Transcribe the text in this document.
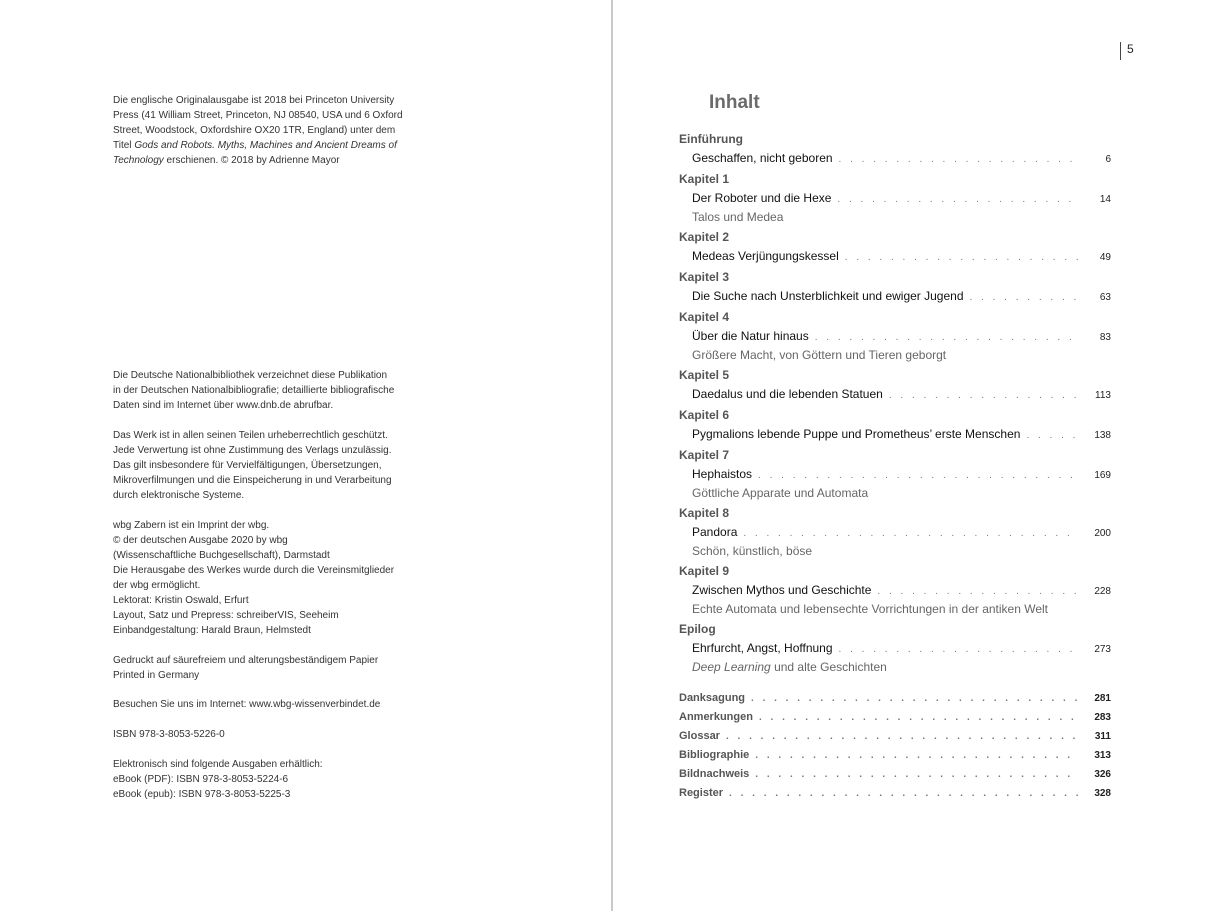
Die englische Originalausgabe ist 2018 bei Princeton University

Press (41 William Street, Princeton, NJ 08540, USA und 6 Oxford

Street, Woodstock, Oxfordshire OX20 1TR, England) unter dem

Titel Gods and Robots. Myths, Machines and Ancient Dreams of

Technology erschienen. © 2018 by Adrienne Mayor

Die Deutsche Nationalbibliothek verzeichnet diese Publikation

in der Deutschen Nationalbibliografie; detaillierte bibliografische

Daten sind im Internet über www.dnb.de abrufbar.

Das Werk ist in allen seinen Teilen urheberrechtlich geschützt.

Jede Verwertung ist ohne Zustimmung des Verlags unzulässig.

Das gilt insbesondere für Vervielfältigungen, Übersetzungen,

Mikroverfilmungen und die Einspeicherung in und Verarbeitung

durch elektronische Systeme.

wbg Zabern ist ein Imprint der wbg.

© der deutschen Ausgabe 2020 by wbg

(Wissenschaftliche Buchgesellschaft), Darmstadt

Die Herausgabe des Werkes wurde durch die Vereinsmitglieder

der wbg ermöglicht.

Lektorat: Kristin Oswald, Erfurt

Layout, Satz und Prepress: schreiberVIS, Seeheim

Einbandgestaltung: Harald Braun, Helmstedt

Gedruckt auf säurefreiem und alterungsbeständigem Papier

Printed in Germany

Besuchen Sie uns im Internet: www.wbg-wissenverbindet.de

ISBN 978-3-8053-5226-0

Elektronisch sind folgende Ausgaben erhältlich:

eBook (PDF): ISBN 978-3-8053-5224-6

eBook (epub): ISBN 978-3-8053-5225-3

5
Inhalt
Einführung
Geschaffen, nicht geboren . . .	6
Kapitel 1
Der Roboter und die Hexe . . .	14
Talos und Medea
Kapitel 2
Medeas Verjüngungskessel . . .	49
Kapitel 3
Die Suche nach Unsterblichkeit und ewiger Jugend . . .	63
Kapitel 4
Über die Natur hinaus . . .	83
Größere Macht, von Göttern und Tieren geborgt
Kapitel 5
Daedalus und die lebenden Statuen . . .	113
Kapitel 6
Pygmalions lebende Puppe und Prometheus’ erste Menschen . . .	138
Kapitel 7
Hephaistos . . .	169
Göttliche Apparate und Automata
Kapitel 8
Pandora . . .	200
Schön, künstlich, böse
Kapitel 9
Zwischen Mythos und Geschichte . . .	228
Echte Automata und lebensechte Vorrichtungen in der antiken Welt
Epilog
Ehrfurcht, Angst, Hoffnung . . .	273
Deep Learning und alte Geschichten
Danksagung . . .	281
Anmerkungen . . .	283
Glossar . . .	311
Bibliographie . . .	313
Bildnachweis . . .	326
Register . . .	328
